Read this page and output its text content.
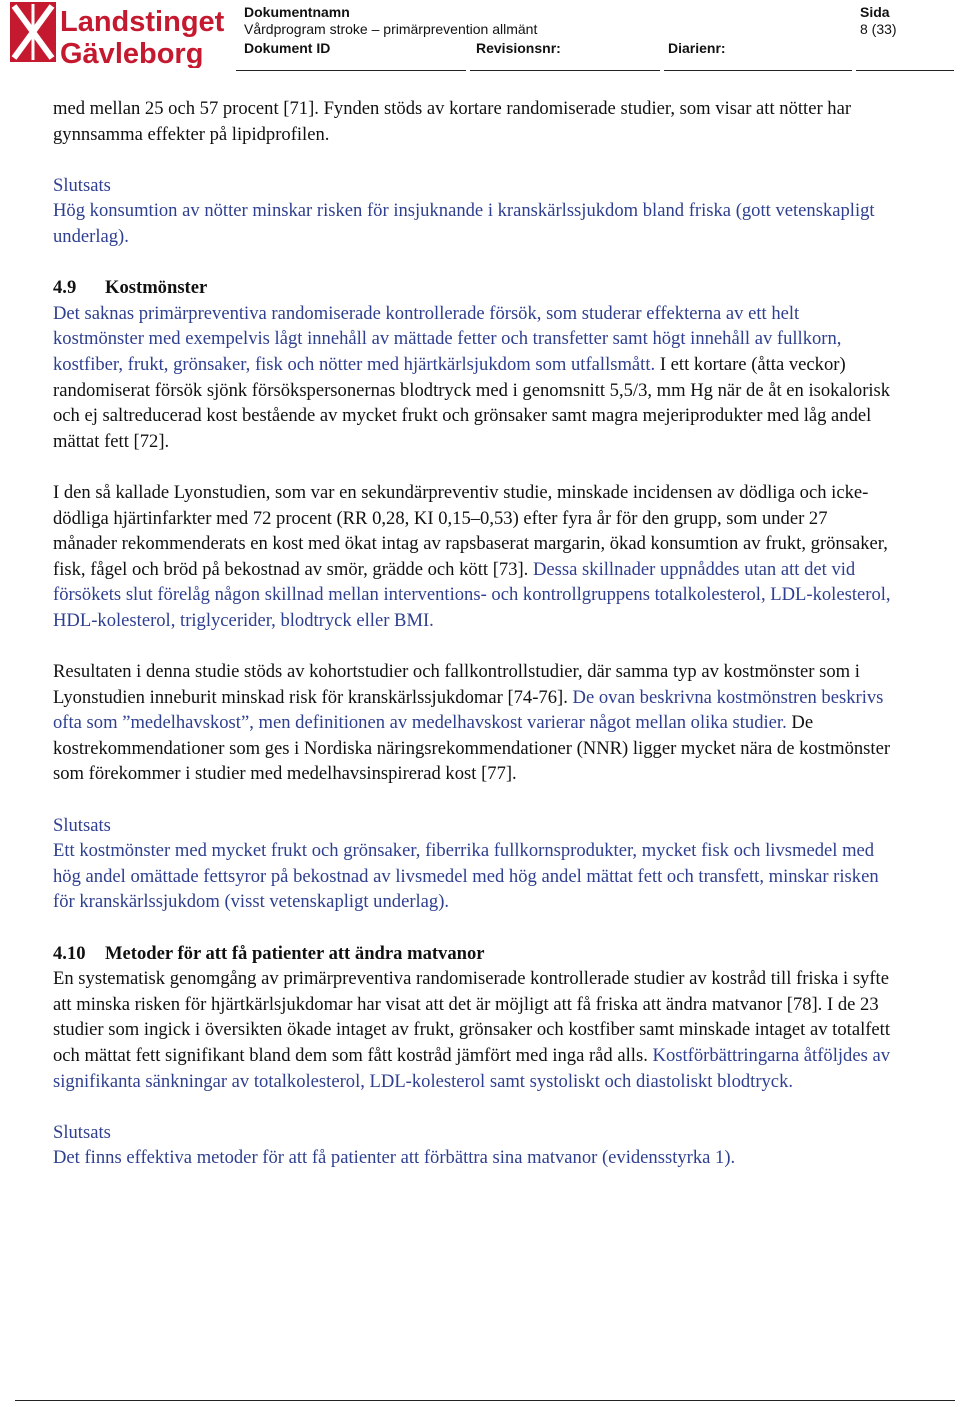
Landstinget
Gävleborg
Dokumentnamn
Vårdprogram stroke – primärprevention allmänt
Dokument ID	Revisionsnr:	Diarienr:
Sida
8 (33)

med mellan 25 och 57 procent [71]. Fynden stöds av kortare randomiserade studier, som visar att nötter har gynnsamma effekter på lipidprofilen.

Slutsats

Hög konsumtion av nötter minskar risken för insjuknande i kranskärlssjukdom bland friska (gott vetenskapligt underlag).

4.9 Kostmönster

Det saknas primärpreventiva randomiserade kontrollerade försök, som studerar effekterna av ett helt kostmönster med exempelvis lågt innehåll av mättade fetter och transfetter samt högt innehåll av fullkorn, kostfiber, frukt, grönsaker, fisk och nötter med hjärtkärlsjukdom som utfallsmått. I ett kortare (åtta veckor) randomiserat försök sjönk försökspersonernas blodtryck med i genomsnitt 5,5/3, mm Hg när de åt en isokalorisk och ej saltreducerad kost bestående av mycket frukt och grönsaker samt magra mejeriprodukter med låg andel mättat fett [72].

I den så kallade Lyonstudien, som var en sekundärpreventiv studie, minskade incidensen av dödliga och icke-dödliga hjärtinfarkter med 72 procent (RR 0,28, KI 0,15–0,53) efter fyra år för den grupp, som under 27 månader rekommenderats en kost med ökat intag av rapsbaserat margarin, ökad konsumtion av frukt, grönsaker, fisk, fågel och bröd på bekostnad av smör, grädde och kött [73]. Dessa skillnader uppnåddes utan att det vid försökets slut förelåg någon skillnad mellan interventions- och kontrollgruppens totalkolesterol, LDL-kolesterol, HDL-kolesterol, triglycerider, blodtryck eller BMI.

Resultaten i denna studie stöds av kohortstudier och fallkontrollstudier, där samma typ av kostmönster som i Lyonstudien inneburit minskad risk för kranskärlssjukdomar [74-76]. De ovan beskrivna kostmönstren beskrivs ofta som ”medelhavskost”, men definitionen av medelhavskost varierar något mellan olika studier. De kostrekommendationer som ges i Nordiska näringsrekommendationer (NNR) ligger mycket nära de kostmönster som förekommer i studier med medelhavsinspirerad kost [77].

Slutsats

Ett kostmönster med mycket frukt och grönsaker, fiberrika fullkornsprodukter, mycket fisk och livsmedel med hög andel omättade fettsyror på bekostnad av livsmedel med hög andel mättat fett och transfett, minskar risken för kranskärlssjukdom (visst vetenskapligt underlag).

4.10 Metoder för att få patienter att ändra matvanor

En systematisk genomgång av primärpreventiva randomiserade kontrollerade studier av kostråd till friska i syfte att minska risken för hjärtkärlsjukdomar har visat att det är möjligt att få friska att ändra matvanor [78]. I de 23 studier som ingick i översikten ökade intaget av frukt, grönsaker och kostfiber samt minskade intaget av totalfett och mättat fett signifikant bland dem som fått kostråd jämfört med inga råd alls. Kostförbättringarna åtföljdes av signifikanta sänkningar av totalkolesterol, LDL-kolesterol samt systoliskt och diastoliskt blodtryck.

Slutsats

Det finns effektiva metoder för att få patienter att förbättra sina matvanor (evidensstyrka 1).
